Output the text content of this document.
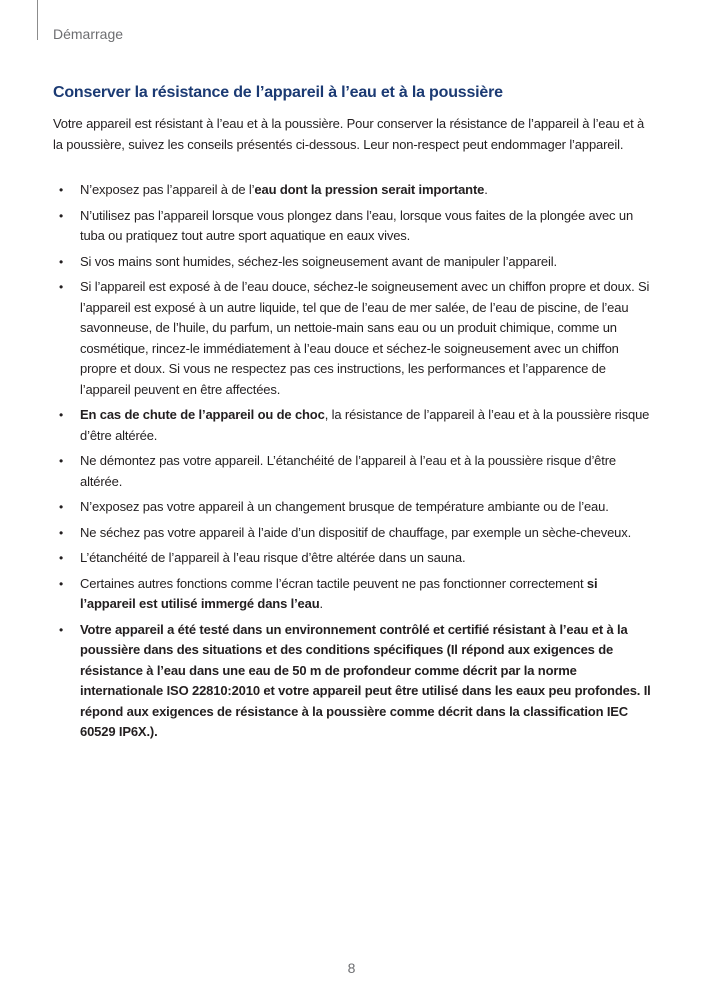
Démarrage
Conserver la résistance de l’appareil à l’eau et à la poussière

Votre appareil est résistant à l’eau et à la poussière. Pour conserver la résistance de l’appareil à l’eau et à la poussière, suivez les conseils présentés ci-dessous. Leur non-respect peut endommager l’appareil.

• N’exposez pas l’appareil à de l’eau dont la pression serait importante.
• N’utilisez pas l’appareil lorsque vous plongez dans l’eau, lorsque vous faites de la plongée avec un tuba ou pratiquez tout autre sport aquatique en eaux vives.
• Si vos mains sont humides, séchez-les soigneusement avant de manipuler l’appareil.
• Si l’appareil est exposé à de l’eau douce, séchez-le soigneusement avec un chiffon propre et doux. Si l’appareil est exposé à un autre liquide, tel que de l’eau de mer salée, de l’eau de piscine, de l’eau savonneuse, de l’huile, du parfum, un nettoie-main sans eau ou un produit chimique, comme un cosmétique, rincez-le immédiatement à l’eau douce et séchez-le soigneusement avec un chiffon propre et doux. Si vous ne respectez pas ces instructions, les performances et l’apparence de l’appareil peuvent en être affectées.
• En cas de chute de l’appareil ou de choc, la résistance de l’appareil à l’eau et à la poussière risque d’être altérée.
• Ne démontez pas votre appareil. L’étanchéité de l’appareil à l’eau et à la poussière risque d’être altérée.
• N’exposez pas votre appareil à un changement brusque de température ambiante ou de l’eau.
• Ne séchez pas votre appareil à l’aide d’un dispositif de chauffage, par exemple un sèche-cheveux.
• L’étanchéité de l’appareil à l’eau risque d’être altérée dans un sauna.
• Certaines autres fonctions comme l’écran tactile peuvent ne pas fonctionner correctement si l’appareil est utilisé immergé dans l’eau.
• Votre appareil a été testé dans un environnement contrôlé et certifié résistant à l’eau et à la poussière dans des situations et des conditions spécifiques (Il répond aux exigences de résistance à l’eau dans une eau de 50 m de profondeur comme décrit par la norme internationale ISO 22810:2010 et votre appareil peut être utilisé dans les eaux peu profondes. Il répond aux exigences de résistance à la poussière comme décrit dans la classification IEC 60529 IP6X.).
8
